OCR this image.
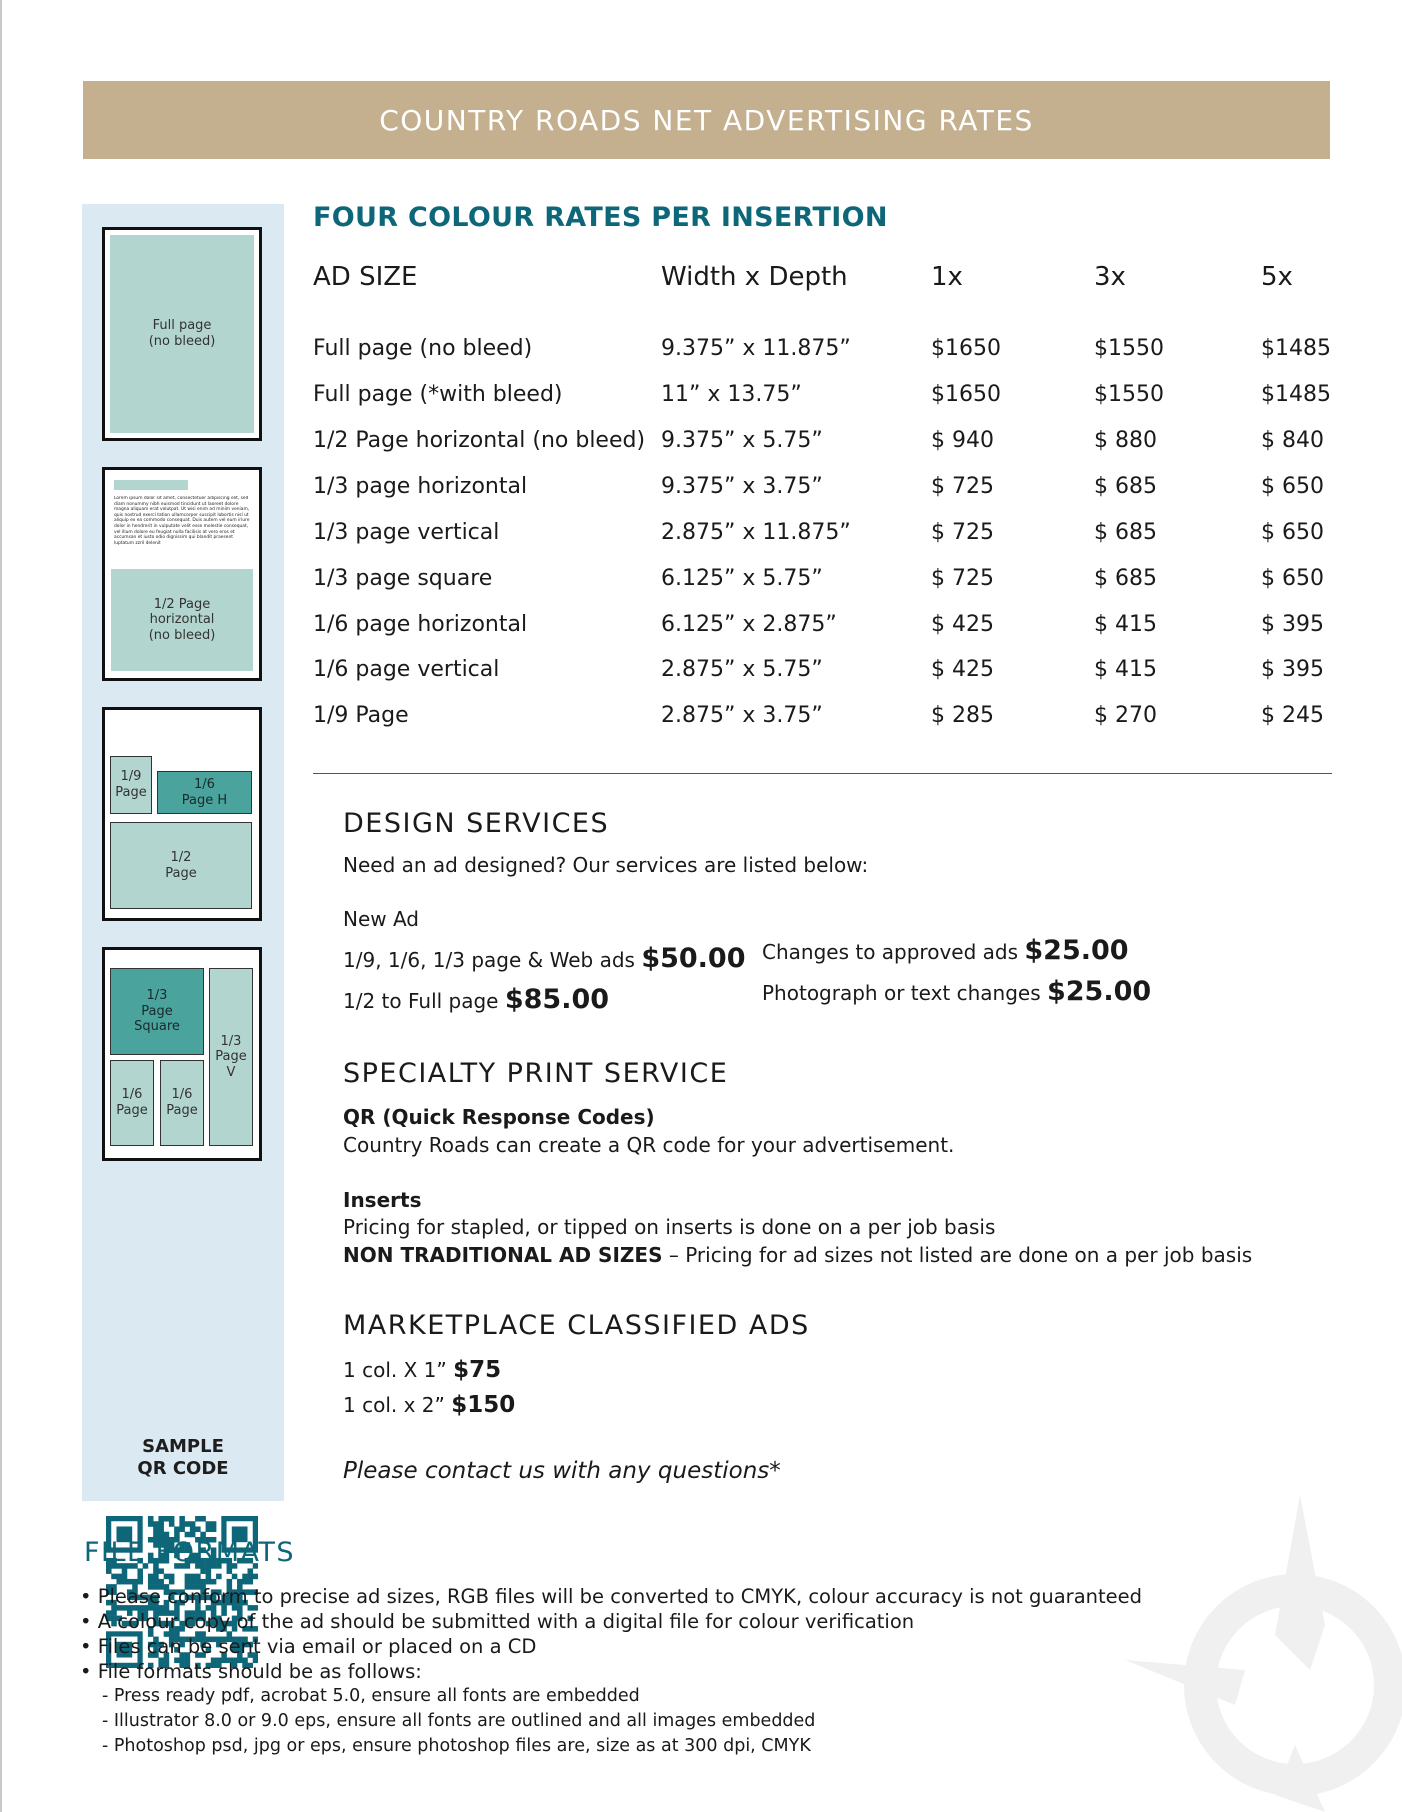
COUNTRY ROADS NET ADVERTISING RATES
Full page
(no bleed)
Lorem ipsum dolor sit amet, consectetuer adipiscing elit, sed diam nonummy nibh euismod tincidunt ut laoreet dolore magna aliquam erat volutpat. Ut wisi enim ad minim veniam, quis nostrud exerci tation ullamcorper suscipit lobortis nisl ut aliquip ex ea commodo consequat. Duis autem vel eum iriure dolor in hendrerit in vulputate velit esse molestie consequat, vel illum dolore eu feugiat nulla facilisis at vero eros et accumsan et iusto odio dignissim qui blandit praesent luptatum zzril delenit
1/2 Page
horizontal
(no bleed)
1/9
Page
1/6
Page H
1/2
Page
1/3
Page
Square
1/3
Page
V
1/6
Page
1/6
Page
SAMPLE
QR CODE
FOUR COLOUR RATES PER INSERTION
AD SIZE	Width x Depth	1x	3x	5x
Full page (no bleed)	9.375” x 11.875”	$1650	$1550	$1485
Full page (*with bleed)	11” x 13.75”	$1650	$1550	$1485
1/2 Page horizontal (no bleed) 9.375” x 5.75”	$ 940	$ 880	$ 840
1/3 page horizontal	9.375” x 3.75”	$ 725	$ 685	$ 650
1/3 page vertical	2.875” x 11.875”	$ 725	$ 685	$ 650
1/3 page square	6.125” x 5.75”	$ 725	$ 685	$ 650
1/6 page horizontal	6.125” x 2.875”	$ 425	$ 415	$ 395
1/6 page vertical	2.875” x 5.75”	$ 425	$ 415	$ 395
1/9 Page	2.875” x 3.75”	$ 285	$ 270	$ 245
DESIGN SERVICES
Need an ad designed? Our services are listed below:
New Ad
1/9, 1/6, 1/3 page & Web ads $50.00
1/2 to Full page $85.00
Changes to approved ads $25.00
Photograph or text changes $25.00
SPECIALTY PRINT SERVICE
QR (Quick Response Codes)
Country Roads can create a QR code for your advertisement.
Inserts
Pricing for stapled, or tipped on inserts is done on a per job basis
NON TRADITIONAL AD SIZES – Pricing for ad sizes not listed are done on a per job basis
MARKETPLACE CLASSIFIED ADS
1 col. X 1” $75
1 col. x 2” $150
Please contact us with any questions*
FILE FORMATS
• Please conform to precise ad sizes, RGB files will be converted to CMYK, colour accuracy is not guaranteed
• A colour copy of the ad should be submitted with a digital file for colour verification
• Files can be sent via email or placed on a CD
• File formats should be as follows:
- Press ready pdf, acrobat 5.0, ensure all fonts are embedded
- Illustrator 8.0 or 9.0 eps, ensure all fonts are outlined and all images embedded
- Photoshop psd, jpg or eps, ensure photoshop files are, size as at 300 dpi, CMYK
